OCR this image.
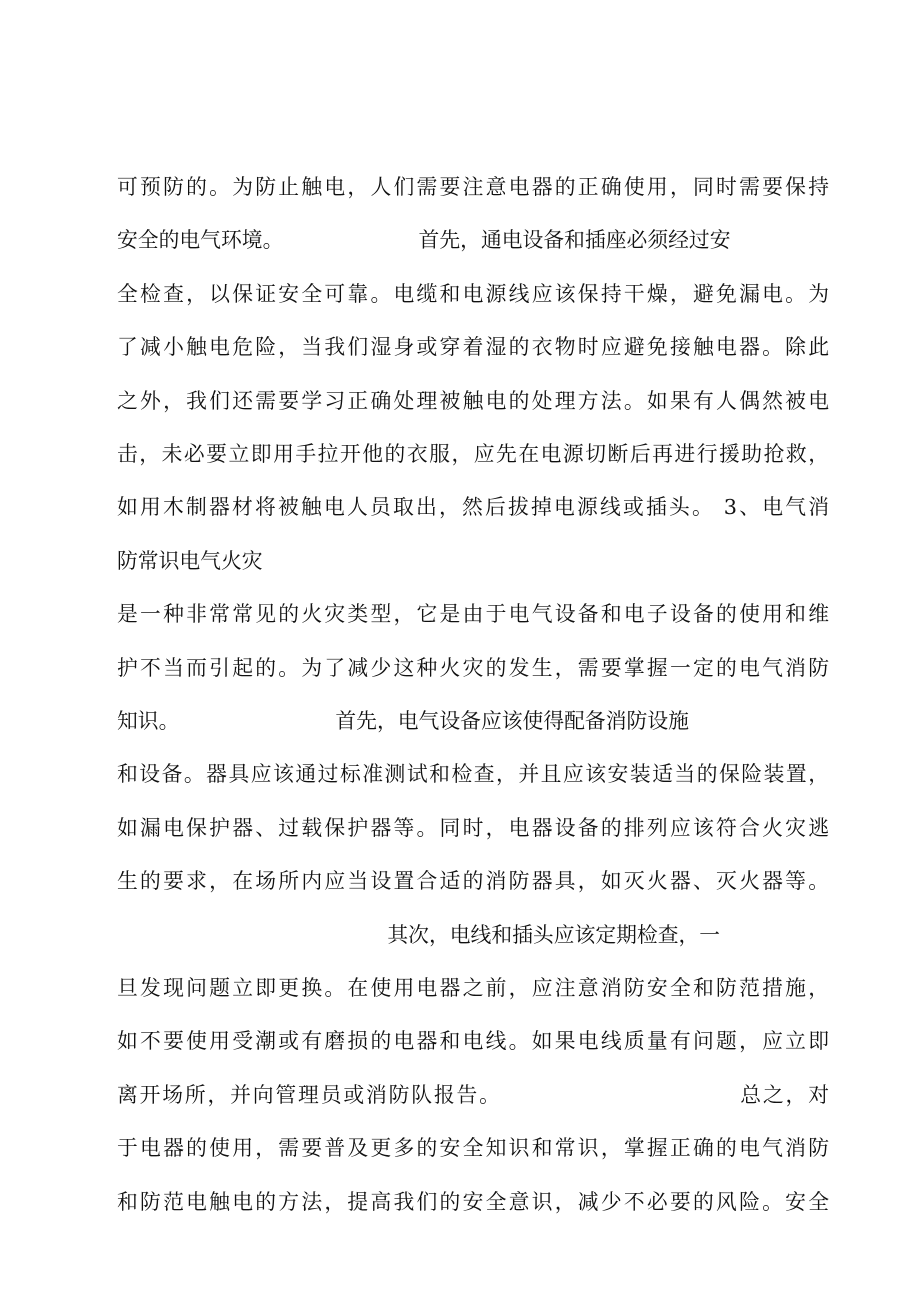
可预防的。为防止触电，人们需要注意电器的正确使用，同时需要保持
安全的电气环境。　　　　　　　首先，通电设备和插座必须经过安
全检查，以保证安全可靠。电缆和电源线应该保持干燥，避免漏电。为
了减小触电危险，当我们湿身或穿着湿的衣物时应避免接触电器。除此
之外，我们还需要学习正确处理被触电的处理方法。如果有人偶然被电
击，未必要立即用手拉开他的衣服，应先在电源切断后再进行援助抢救，
如用木制器材将被触电人员取出，然后拔掉电源线或插头。 3、电气消
防常识电气火灾
是一种非常常见的火灾类型，它是由于电气设备和电子设备的使用和维
护不当而引起的。为了减少这种火灾的发生，需要掌握一定的电气消防
知识。　　　　　　　　首先，电气设备应该使得配备消防设施
和设备。器具应该通过标准测试和检查，并且应该安装适当的保险装置，
如漏电保护器、过载保护器等。同时，电器设备的排列应该符合火灾逃
生的要求，在场所内应当设置合适的消防器具，如灭火器、灭火器等。
　　　　　　　　　　　　　其次，电线和插头应该定期检查，一
旦发现问题立即更换。在使用电器之前，应注意消防安全和防范措施，
如不要使用受潮或有磨损的电器和电线。如果电线质量有问题，应立即
离开场所，并向管理员或消防队报告。　　　　　　　　　　　总之，对
于电器的使用，需要普及更多的安全知识和常识，掌握正确的电气消防
和防范电触电的方法，提高我们的安全意识，减少不必要的风险。安全
